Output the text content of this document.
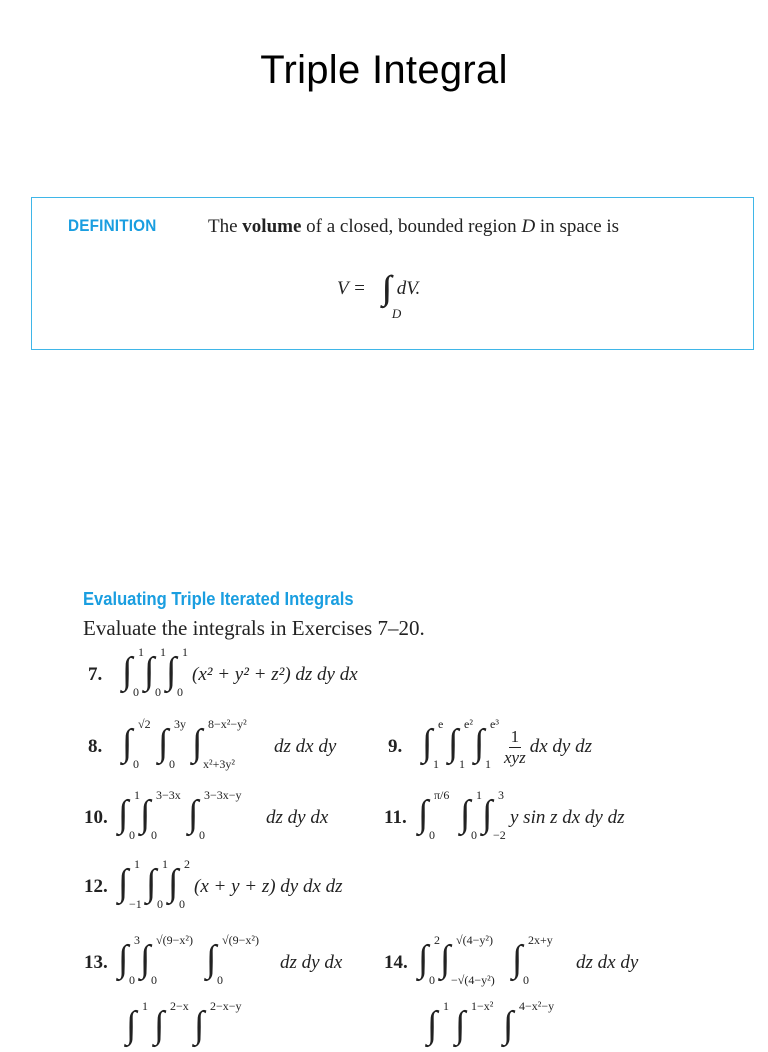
Triple Integral
DEFINITION	The volume of a closed, bounded region D in space is
V = ∫∫∫
D
dV.
Evaluating Triple Iterated Integrals
Evaluate the integrals in Exercises 7–20.
7. ∫ 1
0 ∫ 1
0 ∫ 1
0
(x² + y² + z²) dz dy dx
8. ∫ √2
0 ∫ 3y
0 ∫ 8−x²−y²
x²+3y²
dz dx dy	9. ∫ e
1 ∫ e²
1 ∫ e³
$1 \frac{1}{\text{xyz}}$ dx dy dz
10. ∫ 1
0 ∫ 3−3x
0 ∫ 3−3x−y
0
dz dy dx	11. ∫ π/6
0 ∫ 1
0 ∫ 3
−2
y sin z dx dy dz
12. ∫ 1
−1 ∫ 1
0 ∫ 2
0
(x + y + z) dy dx dz
13. ∫ 3
0 ∫ √(9−x²)
0 ∫ √(9−x²)
0
dz dy dx 14. ∫ 2
0 ∫ √(4−y²)
−√(4−y²) ∫ 2x+y
0
dz dx dy
∫ 1 ∫ 2−x ∫ 2−x−y	∫ 1 ∫ 1−x² ∫ 4−x²−y
